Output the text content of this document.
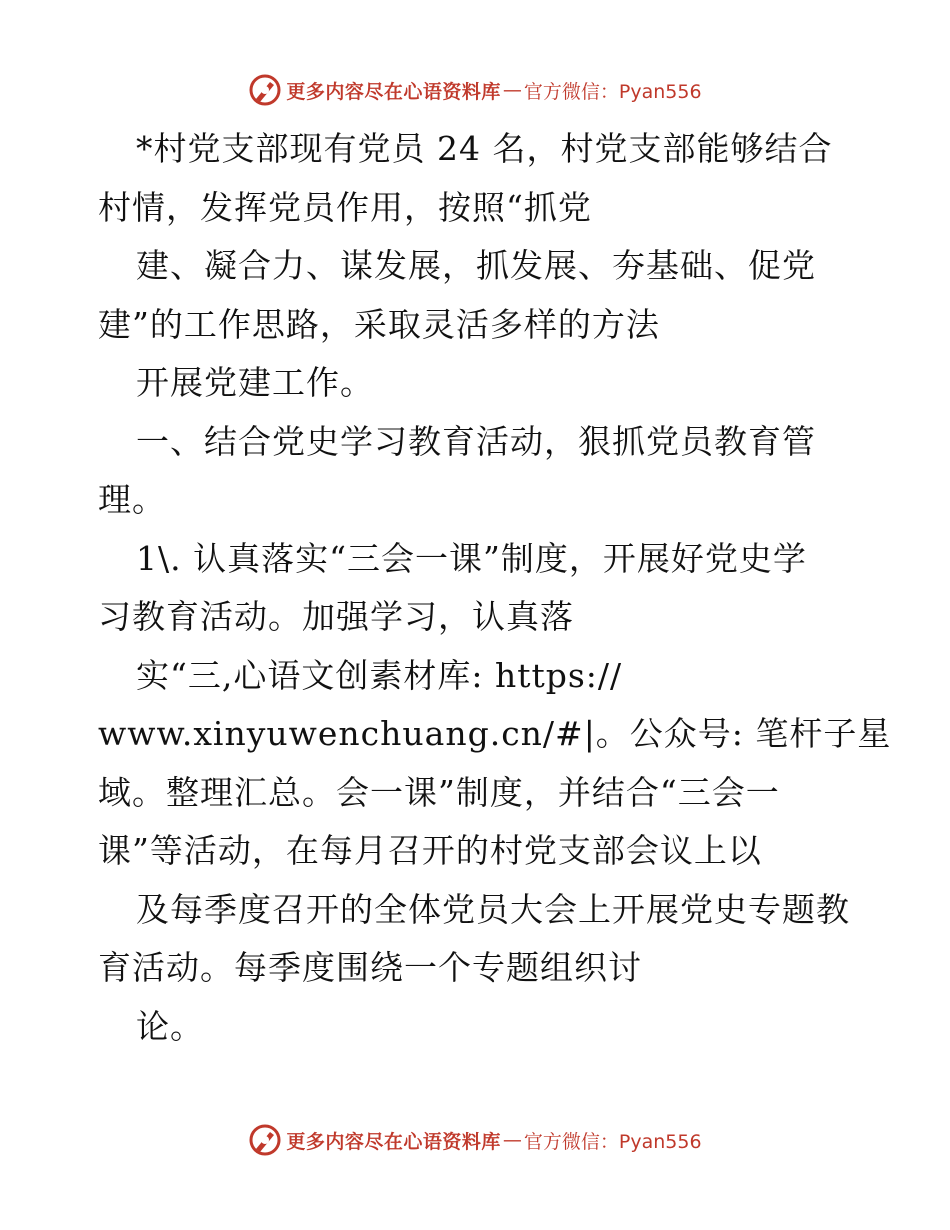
更多内容尽在心语资料库 — 官方微信：Pyan556
*村党支部现有党员 24 名，村党支部能够结合
村情，发挥党员作用，按照“抓党
建、凝合力、谋发展，抓发展、夯基础、促党
建”的工作思路，采取灵活多样的方法
开展党建工作。
一、结合党史学习教育活动，狠抓党员教育管
理。
1\. 认真落实“三会一课”制度，开展好党史学
习教育活动。加强学习，认真落
实“三,心语文创素材库: https://
www.xinyuwenchuang.cn/#|。公众号: 笔杆子星
域。整理汇总。会一课”制度，并结合“三会一
课”等活动，在每月召开的村党支部会议上以
及每季度召开的全体党员大会上开展党史专题教
育活动。每季度围绕一个专题组织讨
论。
更多内容尽在心语资料库 — 官方微信：Pyan556
